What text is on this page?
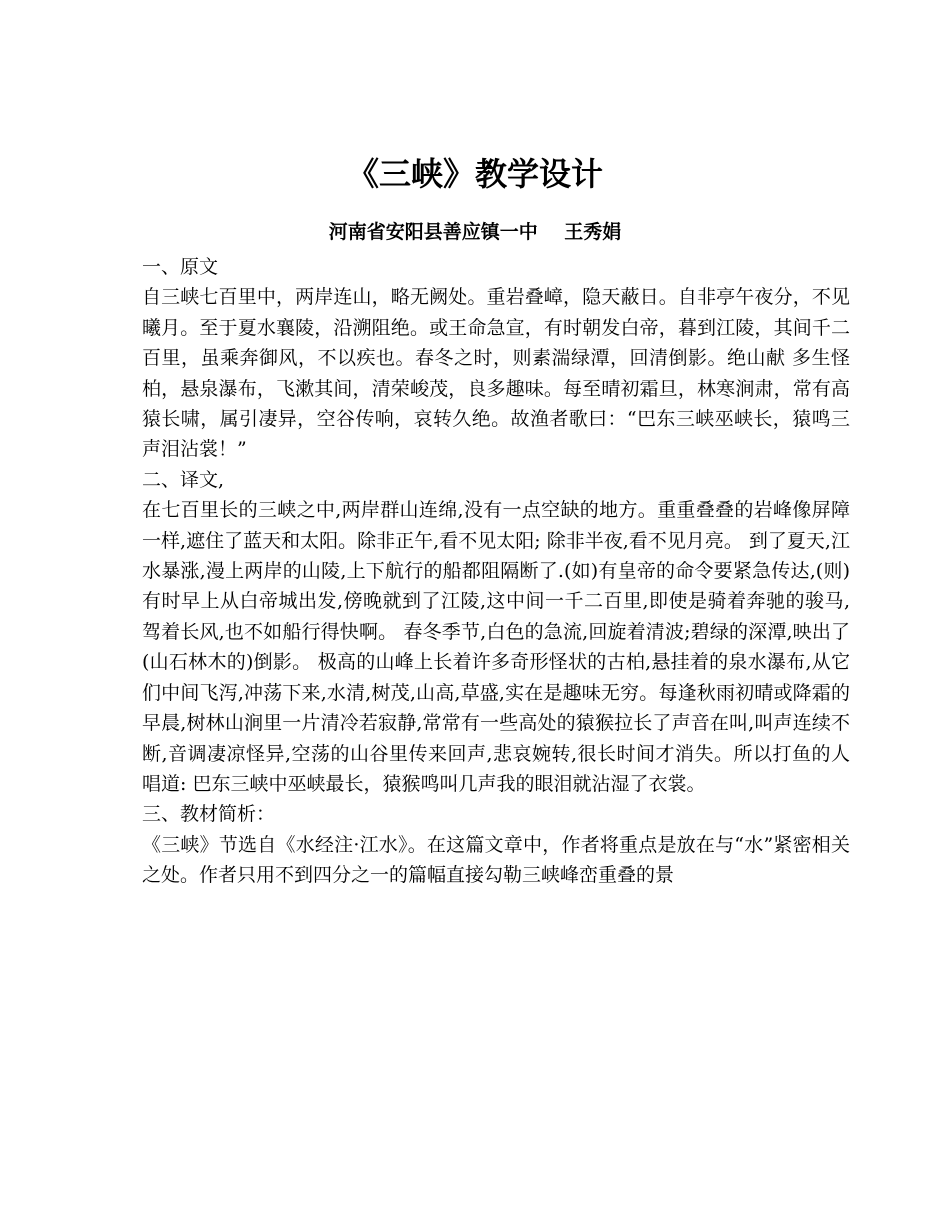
《三峡》教学设计
河南省安阳县善应镇一中    王秀娟
一、原文

自三峡七百里中，两岸连山，略无阙处。重岩叠嶂，隐天蔽日。自非亭午夜分，不见曦月。至于夏水襄陵，沿溯阻绝。或王命急宣，有时朝发白帝，暮到江陵，其间千二百里，虽乘奔御风，不以疾也。春冬之时，则素湍绿潭，回清倒影。绝山献 多生怪柏，悬泉瀑布，飞漱其间，清荣峻茂，良多趣味。每至晴初霜旦，林寒涧肃，常有高猿长啸，属引凄异，空谷传响，哀转久绝。故渔者歌曰：“巴东三峡巫峡长，猿鸣三声泪沾裳！”

二、译文,

在七百里长的三峡之中,两岸群山连绵,没有一点空缺的地方。重重叠叠的岩峰像屏障一样,遮住了蓝天和太阳。除非正午,看不见太阳; 除非半夜,看不见月亮。 到了夏天,江水暴涨,漫上两岸的山陵,上下航行的船都阻隔断了.(如)有皇帝的命令要紧急传达,(则)有时早上从白帝城出发,傍晚就到了江陵,这中间一千二百里,即使是骑着奔驰的骏马,驾着长风,也不如船行得快啊。 春冬季节,白色的急流,回旋着清波;碧绿的深潭,映出了(山石林木的)倒影。 极高的山峰上长着许多奇形怪状的古柏,悬挂着的泉水瀑布,从它们中间飞泻,冲荡下来,水清,树茂,山高,草盛,实在是趣味无穷。每逢秋雨初晴或降霜的早晨,树林山涧里一片清冷若寂静,常常有一些高处的猿猴拉长了声音在叫,叫声连续不断,音调凄凉怪异,空荡的山谷里传来回声,悲哀婉转,很长时间才消失。所以打鱼的人唱道: 巴东三峡中巫峡最长，猿猴鸣叫几声我的眼泪就沾湿了衣裳。

三、教材简析：

《三峡》节选自《水经注·江水》。在这篇文章中，作者将重点是放在与“水”紧密相关之处。作者只用不到四分之一的篇幅直接勾勒三峡峰峦重叠的景
